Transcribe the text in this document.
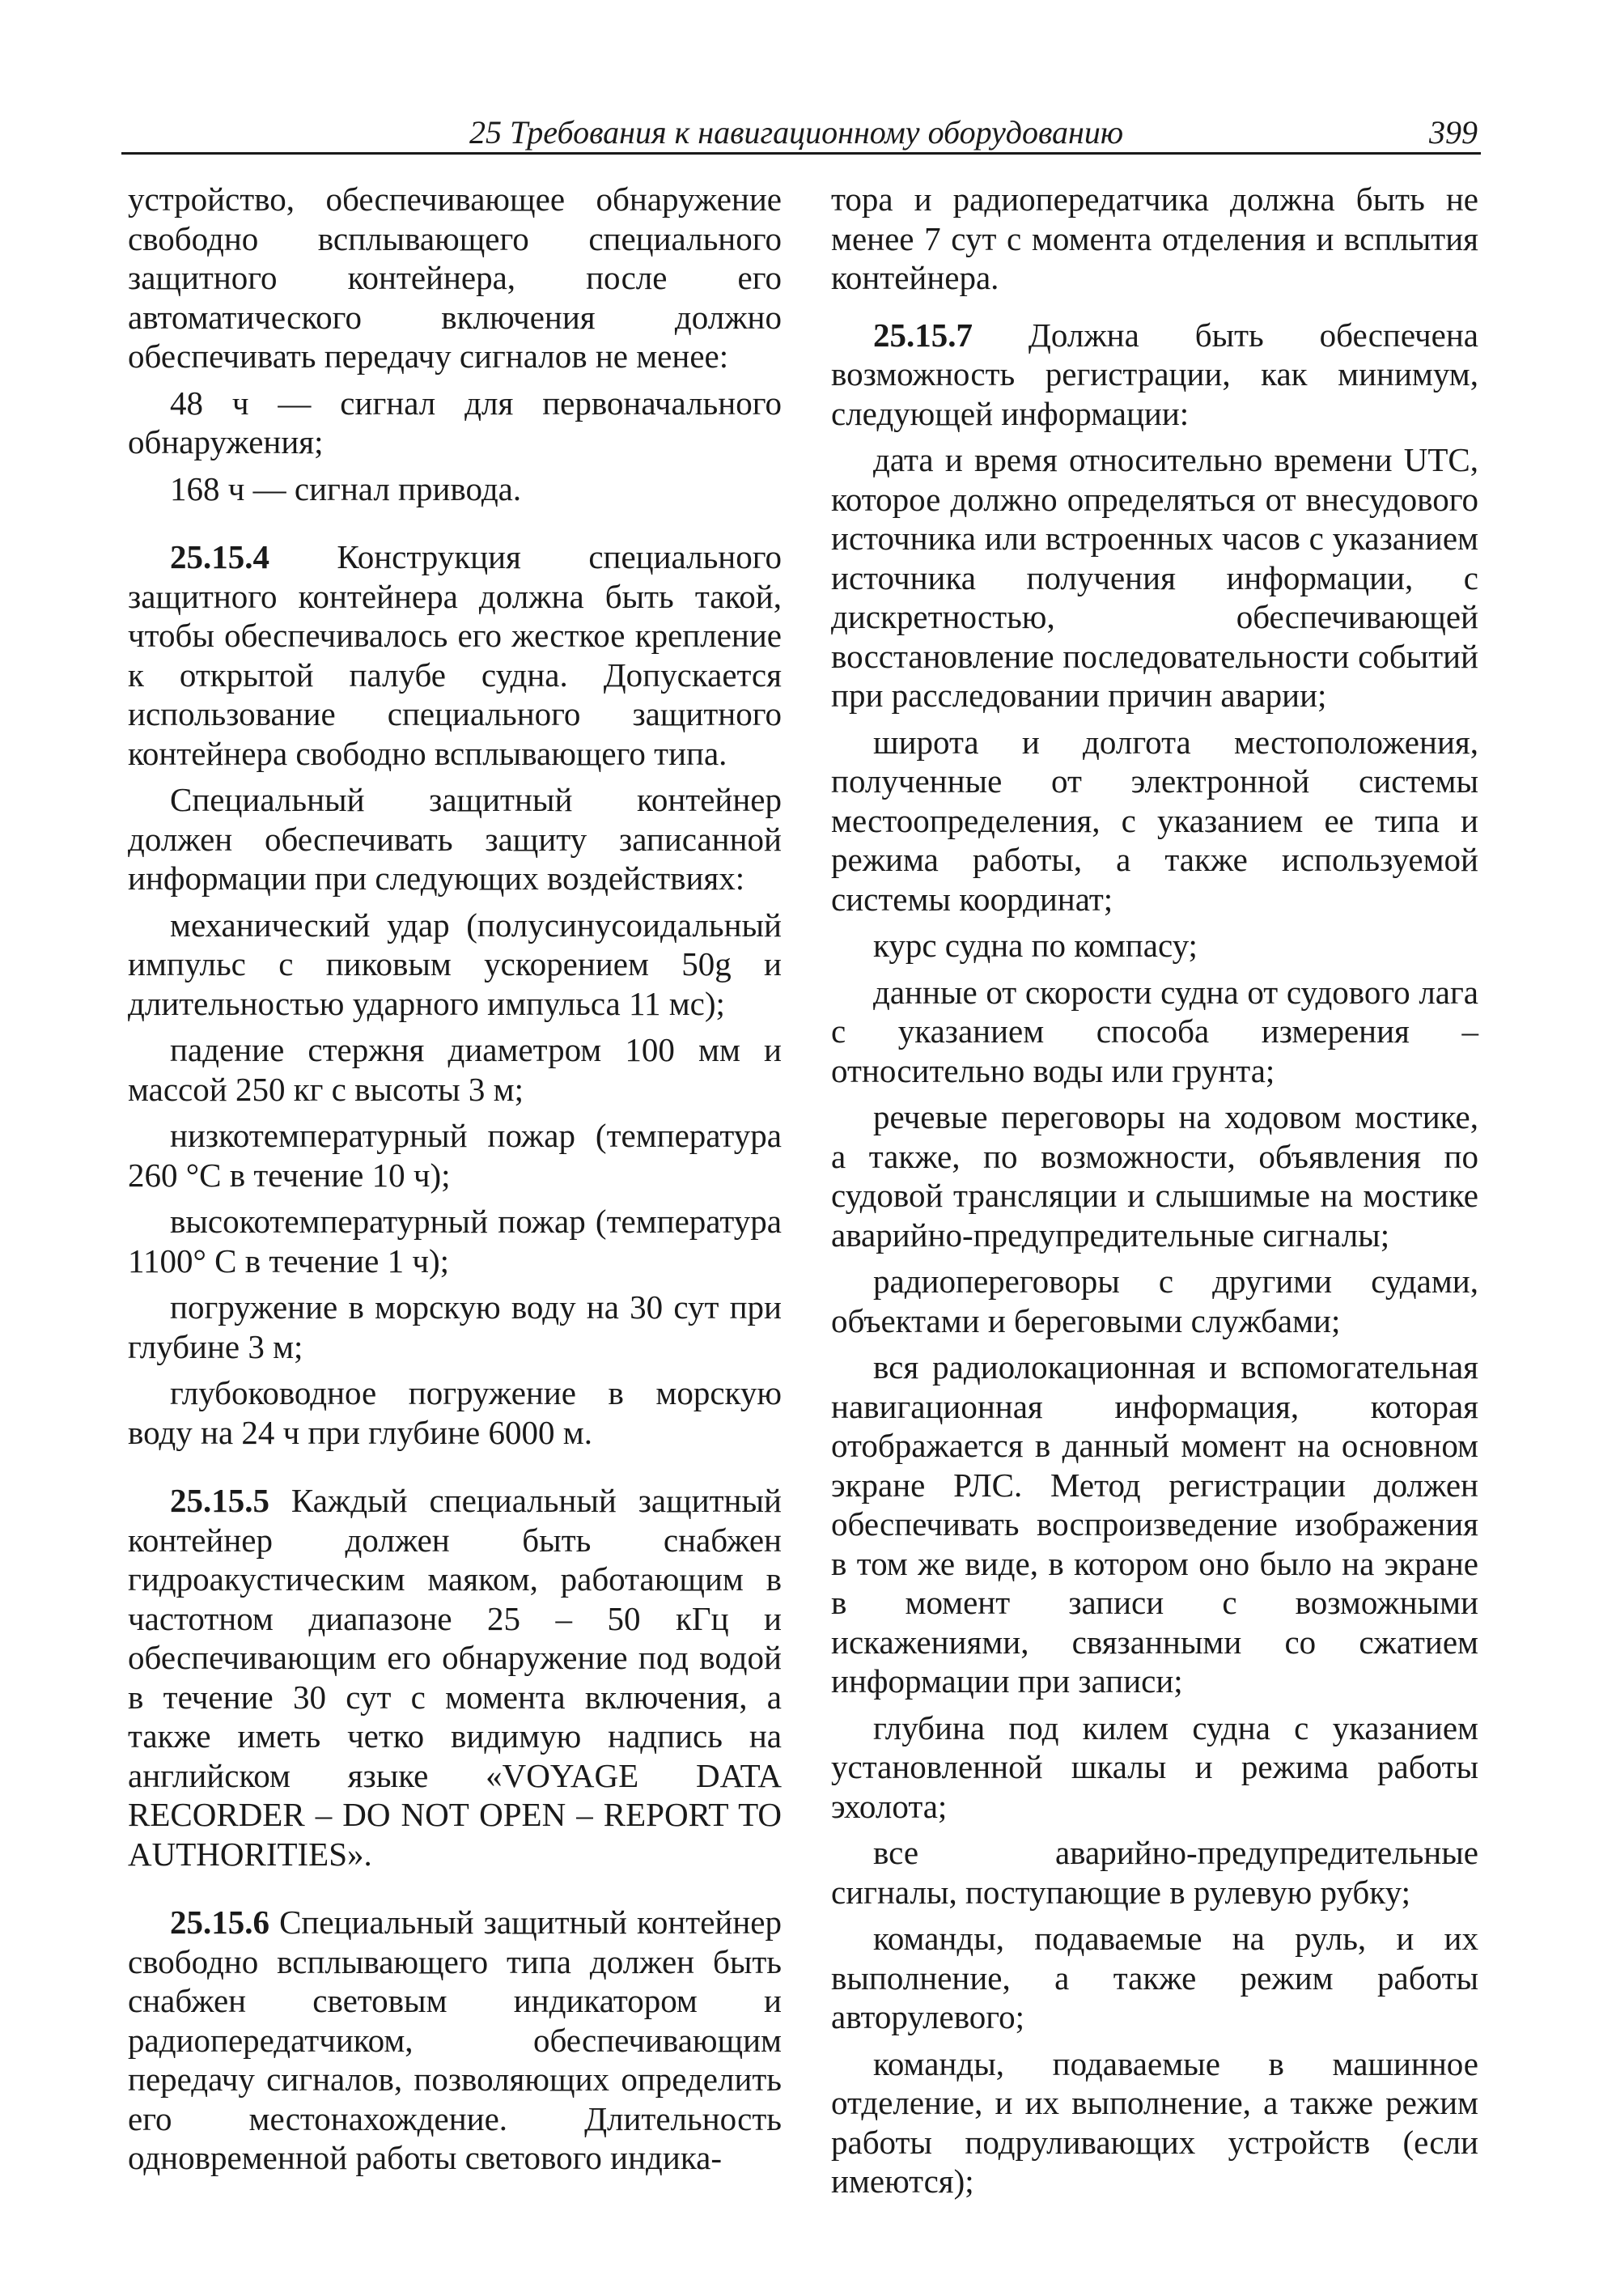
25 Требования к навигационному оборудованию	399

устройство, обеспечивающее обнаружение свободно всплывающего специального защитного контейнера, после его автоматического включения должно обеспечивать передачу сигналов не менее:

48 ч — сигнал для первоначального обнаружения;

168 ч — сигнал привода.

25.15.4 Конструкция специального защитного контейнера должна быть такой, чтобы обеспечивалось его жесткое крепление к открытой палубе судна. Допускается использование специального защитного контейнера свободно всплывающего типа.

Специальный защитный контейнер должен обеспечивать защиту записанной информации при следующих воздействиях:

механический удар (полусинусоидальный импульс с пиковым ускорением 50g и длительностью ударного импульса 11 мс);

падение стержня диаметром 100 мм и массой 250 кг с высоты 3 м;

низкотемпературный пожар (температура 260 °C в течение 10 ч);

высокотемпературный пожар (температура 1100° С в течение 1 ч);

погружение в морскую воду на 30 сут при глубине 3 м;

глубоководное погружение в морскую воду на 24 ч при глубине 6000 м.

25.15.5 Каждый специальный защитный контейнер должен быть снабжен гидроакустическим маяком, работающим в частотном диапазоне 25 – 50 кГц и обеспечивающим его обнаружение под водой в течение 30 сут с момента включения, а также иметь четко видимую надпись на английском языке «VOYAGE DATA RECORDER – DO NOT OPEN – REPORT TO AUTHORITIES».

25.15.6 Специальный защитный контейнер свободно всплывающего типа должен быть снабжен световым индикатором и радиопередатчиком, обеспечивающим передачу сигналов, позволяющих определить его местонахождение. Длительность одновременной работы светового индика-

тора и радиопередатчика должна быть не менее 7 сут с момента отделения и всплытия контейнера.

25.15.7 Должна быть обеспечена возможность регистрации, как минимум, следующей информации:

дата и время относительно времени UTC, которое должно определяться от внесудового источника или встроенных часов с указанием источника получения информации, с дискретностью, обеспечивающей восстановление последовательности событий при расследовании причин аварии;

широта и долгота местоположения, полученные от электронной системы местоопределения, с указанием ее типа и режима работы, а также используемой системы координат;

курс судна по компасу;

данные от скорости судна от судового лага с указанием способа измерения – относительно воды или грунта;

речевые переговоры на ходовом мостике, а также, по возможности, объявления по судовой трансляции и слышимые на мостике аварийно-предупредительные сигналы;

радиопереговоры с другими судами, объектами и береговыми службами;

вся радиолокационная и вспомогательная навигационная информация, которая отображается в данный момент на основном экране РЛС. Метод регистрации должен обеспечивать воспроизведение изображения в том же виде, в котором оно было на экране в момент записи с возможными искажениями, связанными со сжатием информации при записи;

глубина под килем судна с указанием установленной шкалы и режима работы эхолота;

все аварийно-предупредительные сигналы, поступающие в рулевую рубку;

команды, подаваемые на руль, и их выполнение, а также режим работы авторулевого;

команды, подаваемые в машинное отделение, и их выполнение, а также режим работы подруливающих устройств (если имеются);
